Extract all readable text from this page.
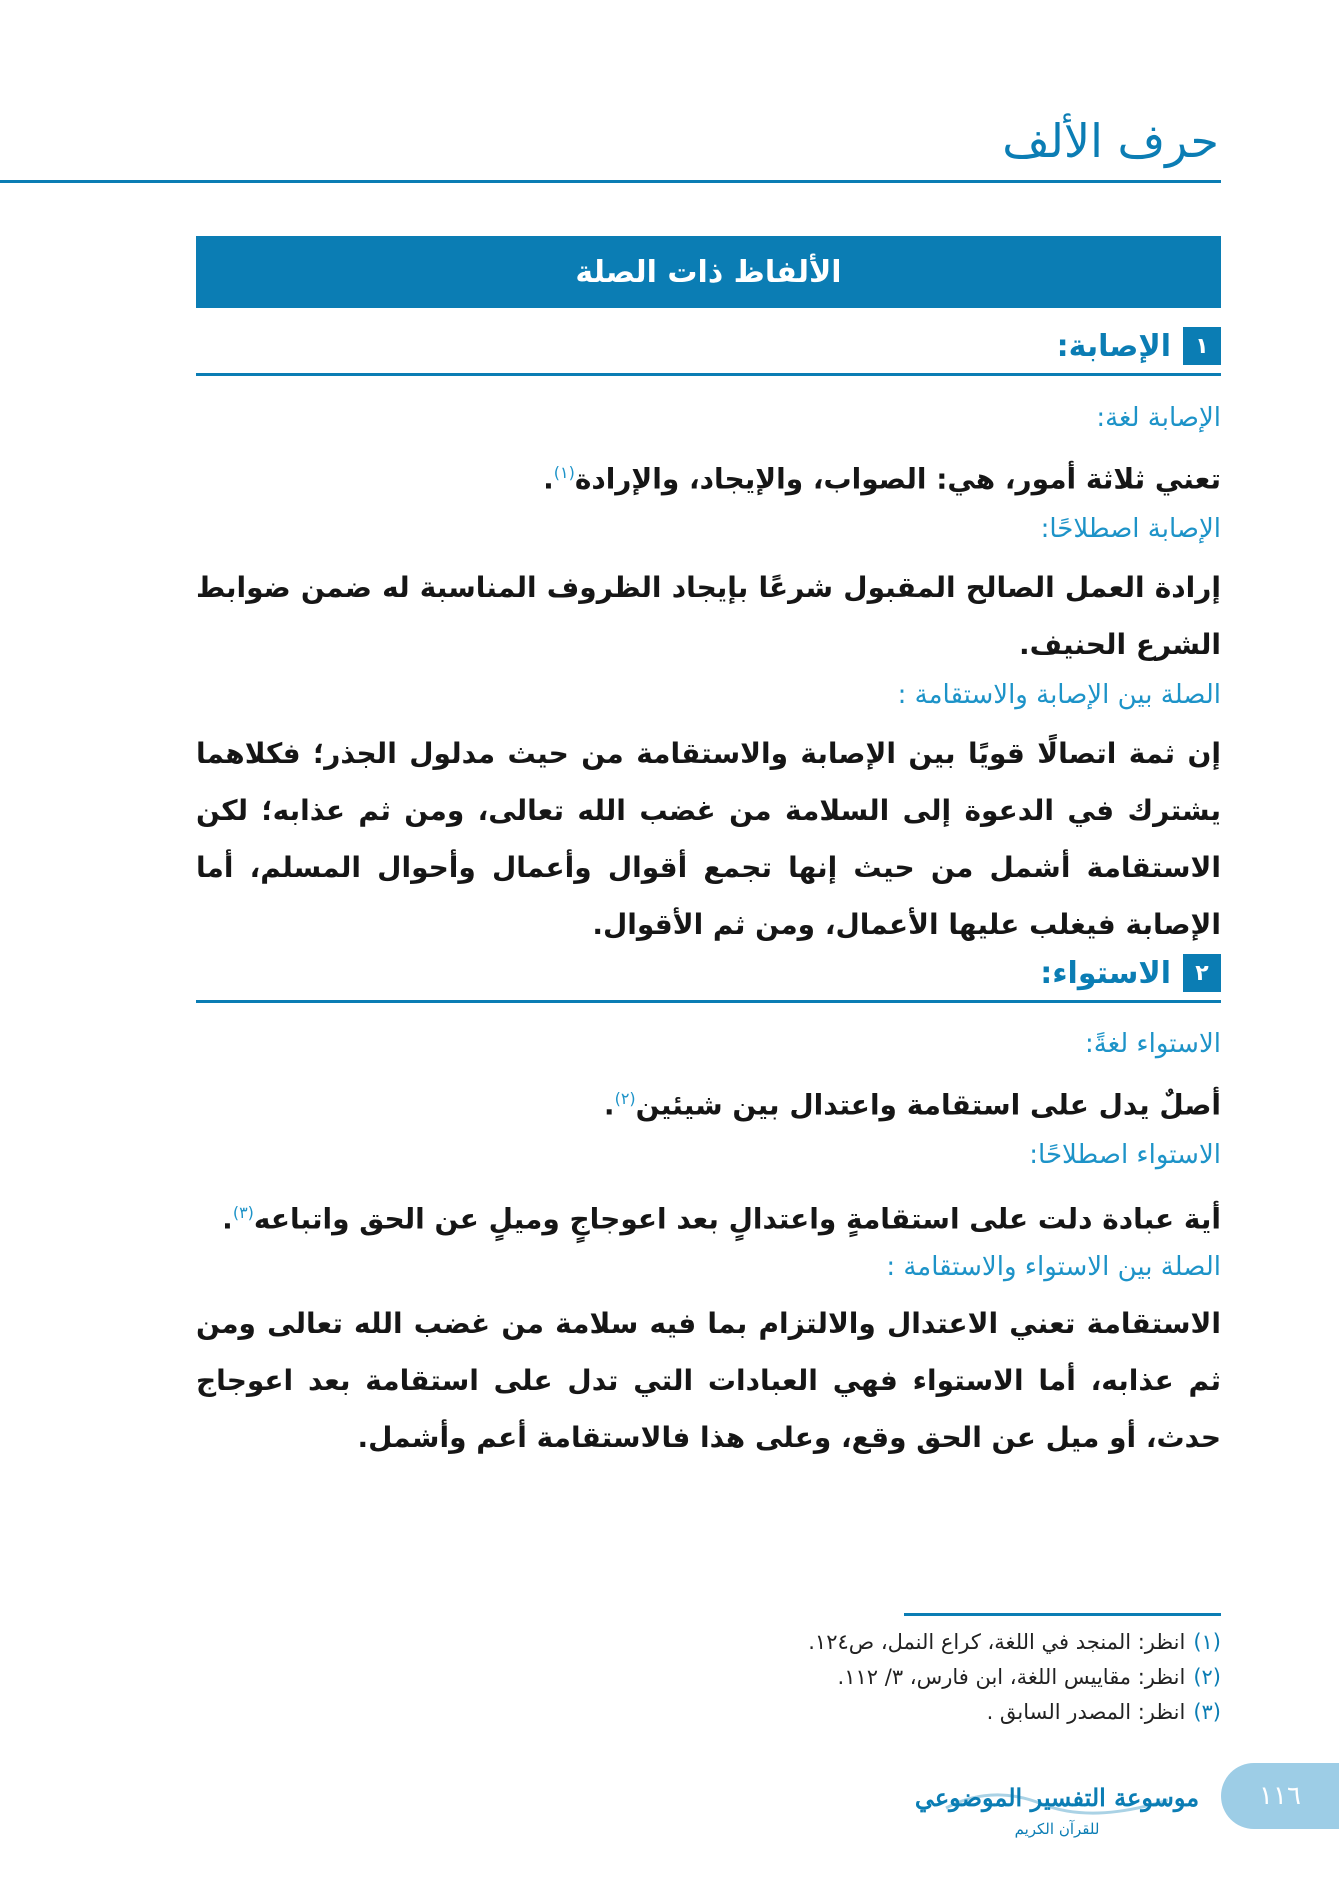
حرف الألف
الألفاظ ذات الصلة
١
الإصابة:
الإصابة لغة:
تعني ثلاثة أمور، هي: الصواب، والإيجاد، والإرادة$^{(١)}$.
الإصابة اصطلاحًا:
إرادة العمل الصالح المقبول شرعًا بإيجاد الظروف المناسبة له ضمن ضوابط الشرع الحنيف.
الصلة بين الإصابة والاستقامة :
إن ثمة اتصالًا قويًا بين الإصابة والاستقامة من حيث مدلول الجذر؛ فكلاهما يشترك في الدعوة إلى السلامة من غضب الله تعالى، ومن ثم عذابه؛ لكن الاستقامة أشمل من حيث إنها تجمع أقوال وأعمال وأحوال المسلم، أما الإصابة فيغلب عليها الأعمال، ومن ثم الأقوال.
٢
الاستواء:
الاستواء لغةً:
أصلٌ يدل على استقامة واعتدال بين شيئين$^{(٢)}$.
الاستواء اصطلاحًا:
أية عبادة دلت على استقامةٍ واعتدالٍ بعد اعوجاجٍ وميلٍ عن الحق واتباعه$^{(٣)}$.
الصلة بين الاستواء والاستقامة :
الاستقامة تعني الاعتدال والالتزام بما فيه سلامة من غضب الله تعالى ومن ثم عذابه، أما الاستواء فهي العبادات التي تدل على استقامة بعد اعوجاج حدث، أو ميل عن الحق وقع، وعلى هذا فالاستقامة أعم وأشمل.
(١)انظر: المنجد في اللغة، كراع النمل، ص١٢٤.
(٢)انظر: مقاييس اللغة، ابن فارس، ٣/ ١١٢.
(٣)انظر: المصدر السابق .
موسوعة التفسير الموضوعي
للقرآن الكريم
١١٦
